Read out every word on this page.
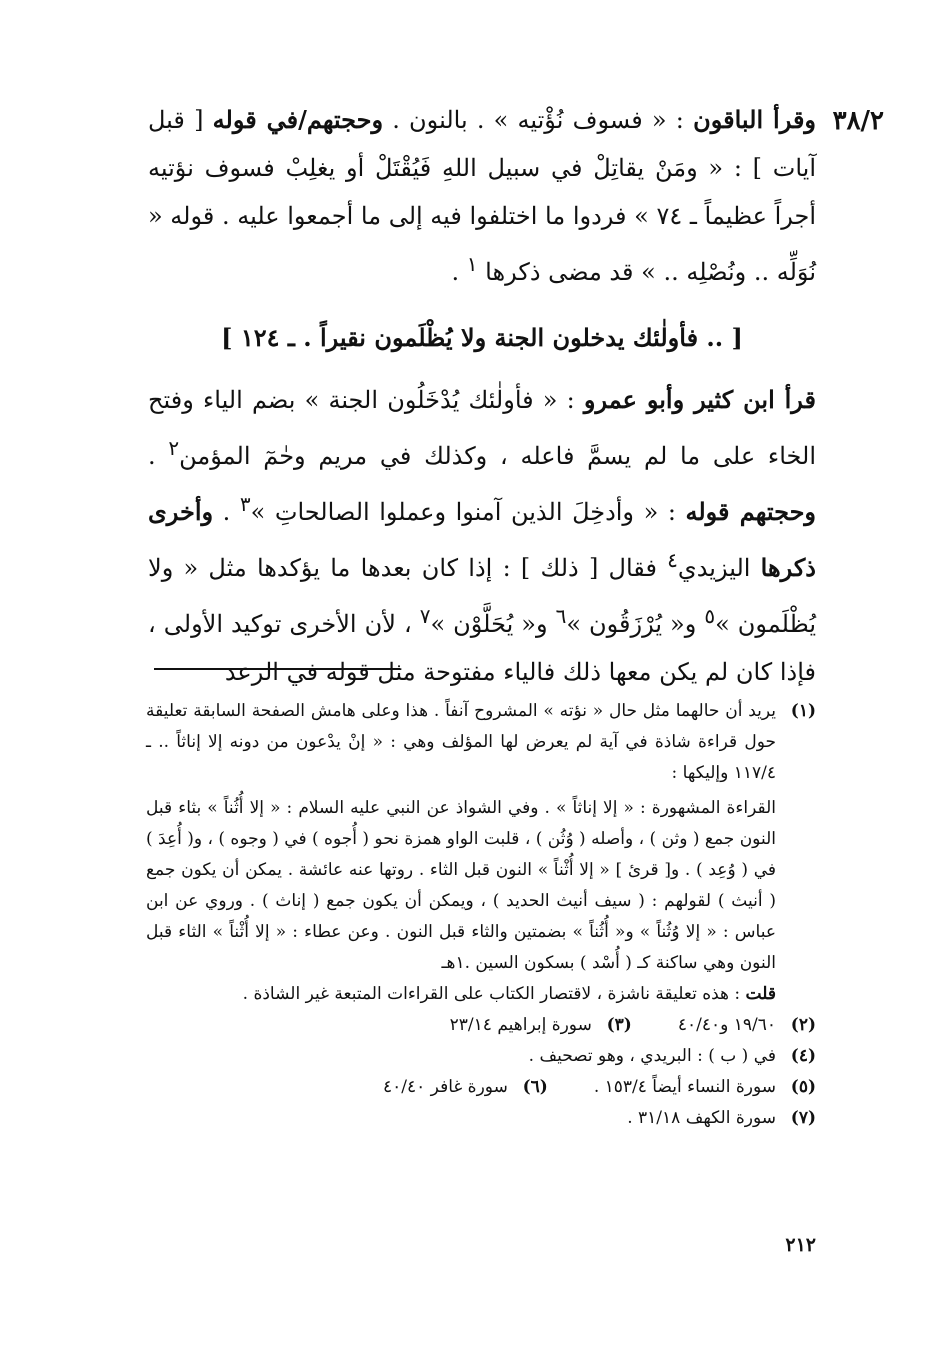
٣٨/٢

وقرأ الباقون : « فسوف نُؤْتيه » . بالنون . وحجتهم/في قوله [ قبل آيات ] : « ومَنْ يقاتِلْ في سبيل اللهِ فَيُقْتَلْ أو يغلِبْ فسوف نؤتيه أجراً عظيماً ـ ٧٤ » فردوا ما اختلفوا فيه إلى ما أجمعوا عليه . قوله « نُوَلِّه .. ونُصْلِه .. » قد مضى ذكرها $^١$ .

[ .. فأولٰئك يدخلون الجنة ولا يُظْلَمون نقيراً . ـ ١٢٤ ]

قرأ ابن كثير وأبو عمرو : « فأولٰئك يُدْخَلُون الجنة » بضم الياء وفتح الخاء على ما لم يسمَّ فاعله ، وكذلك في مريم وحٰمٓ المؤمن$^٢$ . وحجتهم قوله : « وأدخِلَ الذين آمنوا وعملوا الصالحاتِ »$^٣$ . وأخرى ذكرها اليزيدي$^٤$ فقال [ ذلك ] : إذا كان بعدها ما يؤكدها مثل « ولا يُظْلَمون »$^٥$ و« يُرْزَقُون »$^٦$ و« يُحَلَّوْن »$^٧$ ، لأن الأخرى توكيد الأولى ، فإذا كان لم يكن معها ذلك فالياء مفتوحة مثل قوله في الرعد

(١)

يريد أن حالهما مثل حال « نؤته » المشروح آنفاً . هذا وعلى هامش الصفحة السابقة تعليقة حول قراءة شاذة في آية لم يعرض لها المؤلف وهي : « إنْ يدْعون من دونه إلا إناثاً .. ـ ١١٧/٤ وإليكها :

القراءة المشهورة : « إلا إناثاً » . وفي الشواذ عن النبي عليه السلام : « إلا أُثُناً » بثاء قبل النون جمع ( وثن ) ، وأصله ( وُثُن ) ، قلبت الواو همزة نحو ( أُجوه ) في ( وجوه ) ، و( أُعِدَ ) في ( وُعِد ) . و[ قرئ ] « إلا أُثْناً » النون قبل الثاء . روتها عنه عائشة . يمكن أن يكون جمع ( أنيث ) لقولهم : ( سيف أنيث الحديد ) ، ويمكن أن يكون جمع ( إناث ) . وروي عن ابن عباس : « إلا وُثُناً » و« أُثُناً » بضمتين والثاء قبل النون . وعن عطاء : « إلا أُثْناً » الثاء قبل النون وهي ساكنة كـ ( أُسْد ) بسكون السين .١هـ

قلت : هذه تعليقة ناشزة ، لاقتصار الكتاب على القراءات المتبعة غير الشاذة .

(٢)
١٩/٦٠ و٤٠/٤٠
(٣)
سورة إبراهيم ٢٣/١٤
(٤)
في ( ب ) : البريدي ، وهو تصحيف .
(٥)
سورة النساء أيضاً ١٥٣/٤ .
(٦)
سورة غافر ٤٠/٤٠
(٧)
سورة الكهف ٣١/١٨ .
٢١٢
